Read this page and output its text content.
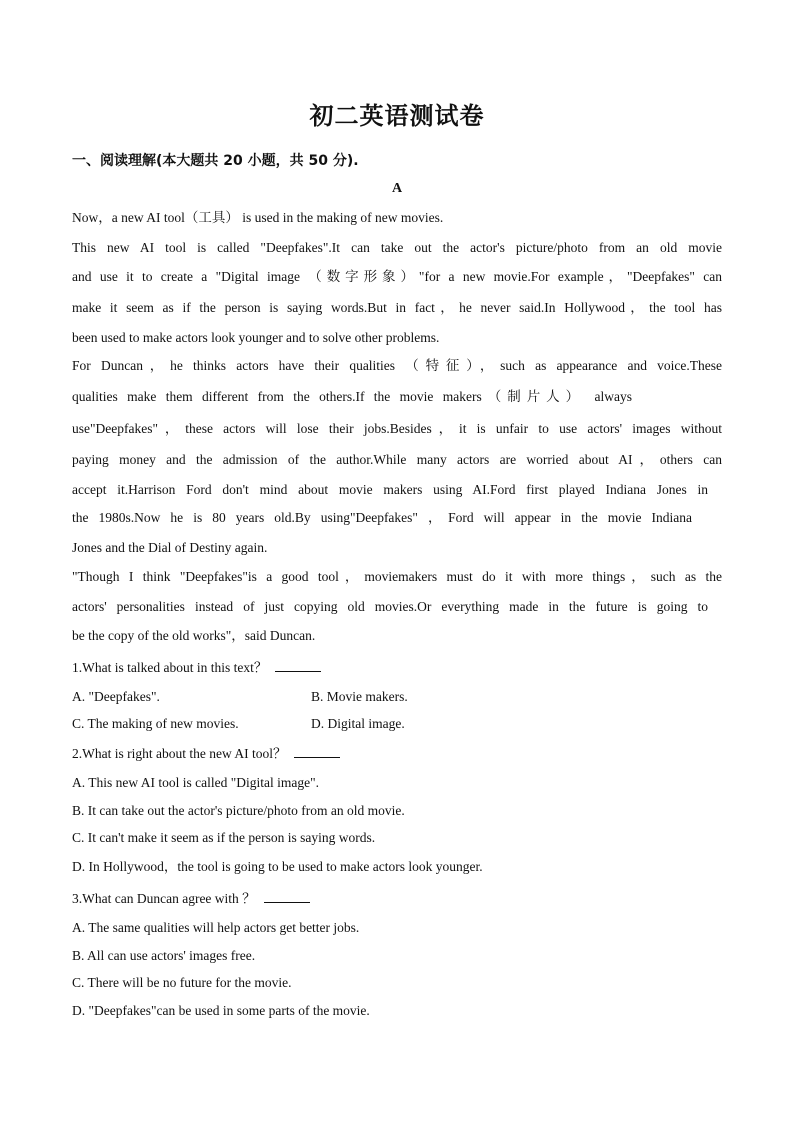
初二英语测试卷
一、阅读理解(本大题共 20 小题，共 50 分).
A
Now，a new AI tool（工具） is used in the making of new movies.
This new AI tool is called "Deepfakes".It can take out the actor's picture/photo from an old movie
and use it to create a "Digital image （数字形象）"for a new movie.For example，"Deepfakes" can
make it seem as if the person is saying words.But in fact，he never said.In Hollywood，the tool has
been used to make actors look younger and to solve other problems.
For Duncan，he thinks actors have their qualities （特征），such as appearance and voice.These
qualities make them different from the others.If the movie makers（制片人） always
use"Deepfakes"，these actors will lose their jobs.Besides，it is unfair to use actors' images without
paying money and the admission of the author.While many actors are worried about AI，others can
accept it.Harrison Ford don't mind about movie makers using AI.Ford first played Indiana Jones in
the 1980s.Now he is 80 years old.By using"Deepfakes" ，Ford will appear in the movie Indiana
Jones and the Dial of Destiny again.
"Though I think "Deepfakes"is a good tool，moviemakers must do it with more things，such as the
actors' personalities instead of just copying old movies.Or everything made in the future is going to
be the copy of the old works"，said Duncan.
1.What is talked about in this text？
A. "Deepfakes".	B. Movie makers.
C. The making of new movies.	D. Digital image.
2.What is right about the new AI tool？
A. This new AI tool is called "Digital image".
B. It can take out the actor's picture/photo from an old movie.
C. It can't make it seem as if the person is saying words.
D. In Hollywood，the tool is going to be used to make actors look younger.
3.What can Duncan agree with ？
A. The same qualities will help actors get better jobs.
B. All can use actors' images free.
C. There will be no future for the movie.
D. "Deepfakes"can be used in some parts of the movie.
